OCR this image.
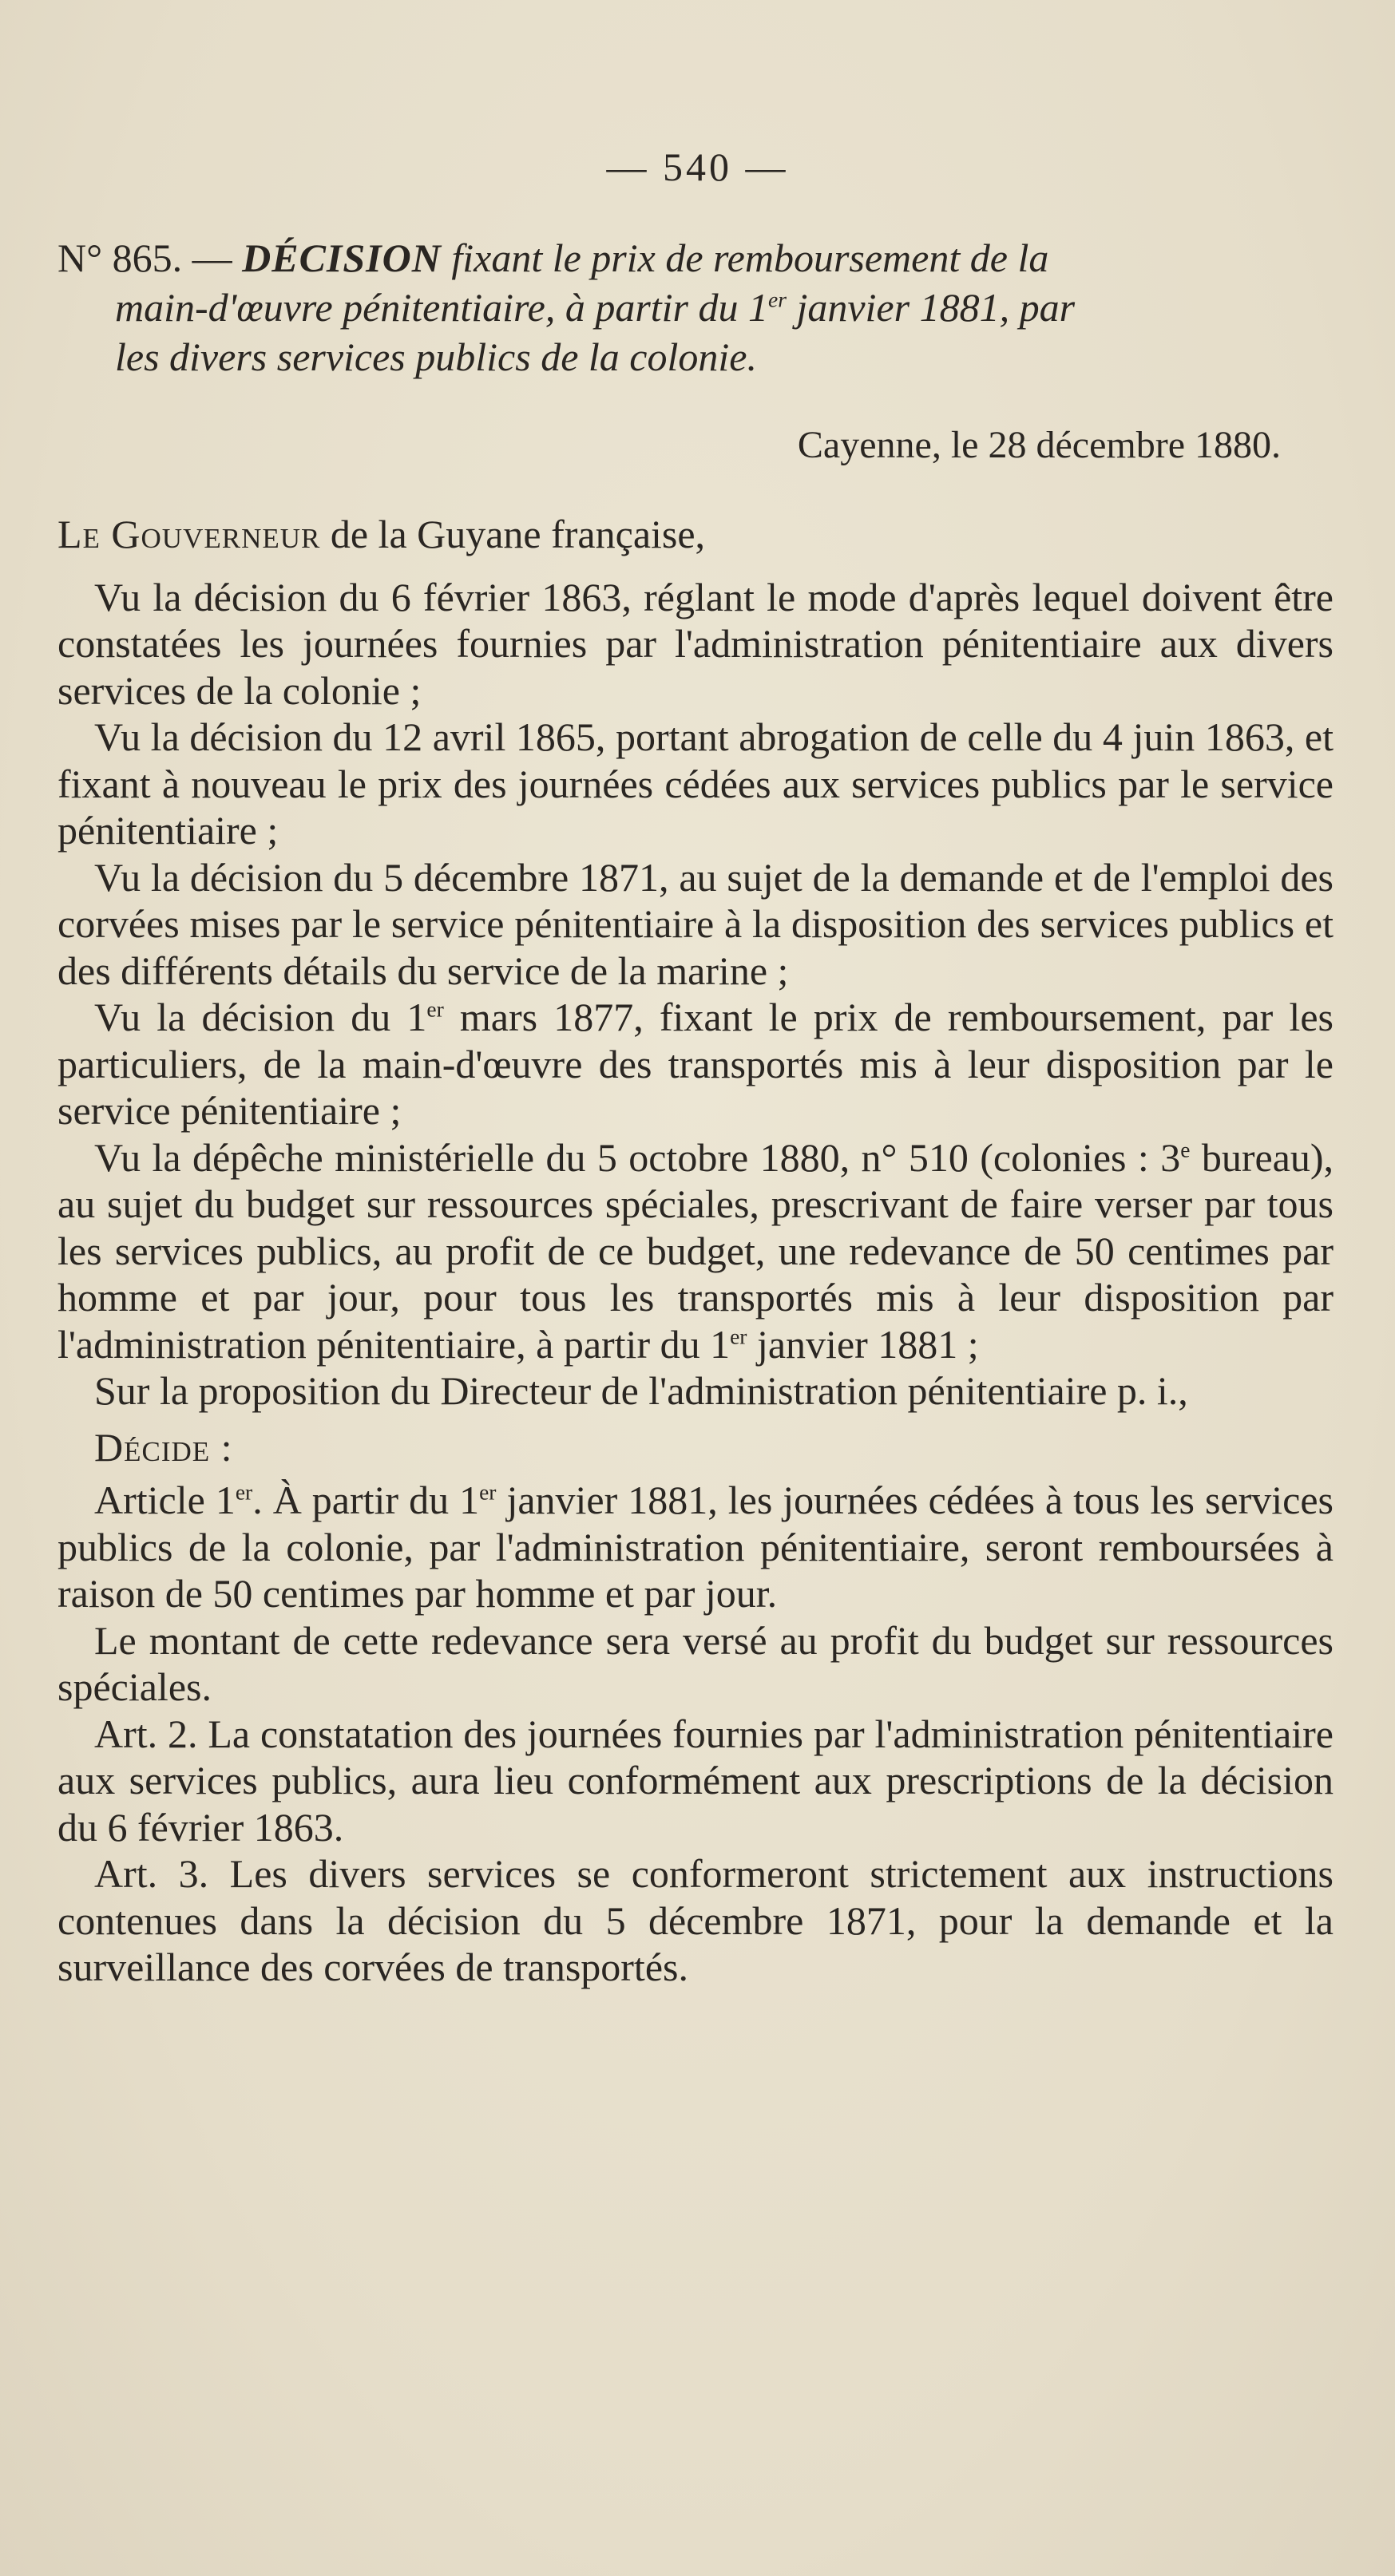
— 540 —
N° 865. — DÉCISION fixant le prix de remboursement de la
main-d'œuvre pénitentiaire, à partir du 1er janvier 1881, par
les divers services publics de la colonie.
Cayenne, le 28 décembre 1880.

Le Gouverneur de la Guyane française,

Vu la décision du 6 février 1863, réglant le mode d'après lequel doivent être constatées les journées fournies par l'administration pénitentiaire aux divers services de la colonie ;

Vu la décision du 12 avril 1865, portant abrogation de celle du 4 juin 1863, et fixant à nouveau le prix des journées cédées aux services publics par le service pénitentiaire ;

Vu la décision du 5 décembre 1871, au sujet de la demande et de l'emploi des corvées mises par le service pénitentiaire à la disposition des services publics et des différents détails du service de la marine ;

Vu la décision du 1er mars 1877, fixant le prix de remboursement, par les particuliers, de la main-d'œuvre des transportés mis à leur disposition par le service pénitentiaire ;

Vu la dépêche ministérielle du 5 octobre 1880, n° 510 (colonies : 3e bureau), au sujet du budget sur ressources spéciales, prescrivant de faire verser par tous les services publics, au profit de ce budget, une redevance de 50 centimes par homme et par jour, pour tous les transportés mis à leur disposition par l'administration pénitentiaire, à partir du 1er janvier 1881 ;

Sur la proposition du Directeur de l'administration pénitentiaire p. i.,

Décide :

Article 1er. À partir du 1er janvier 1881, les journées cédées à tous les services publics de la colonie, par l'administration pénitentiaire, seront remboursées à raison de 50 centimes par homme et par jour.

Le montant de cette redevance sera versé au profit du budget sur ressources spéciales.

Art. 2. La constatation des journées fournies par l'administration pénitentiaire aux services publics, aura lieu conformément aux prescriptions de la décision du 6 février 1863.

Art. 3. Les divers services se conformeront strictement aux instructions contenues dans la décision du 5 décembre 1871, pour la demande et la surveillance des corvées de transportés.
